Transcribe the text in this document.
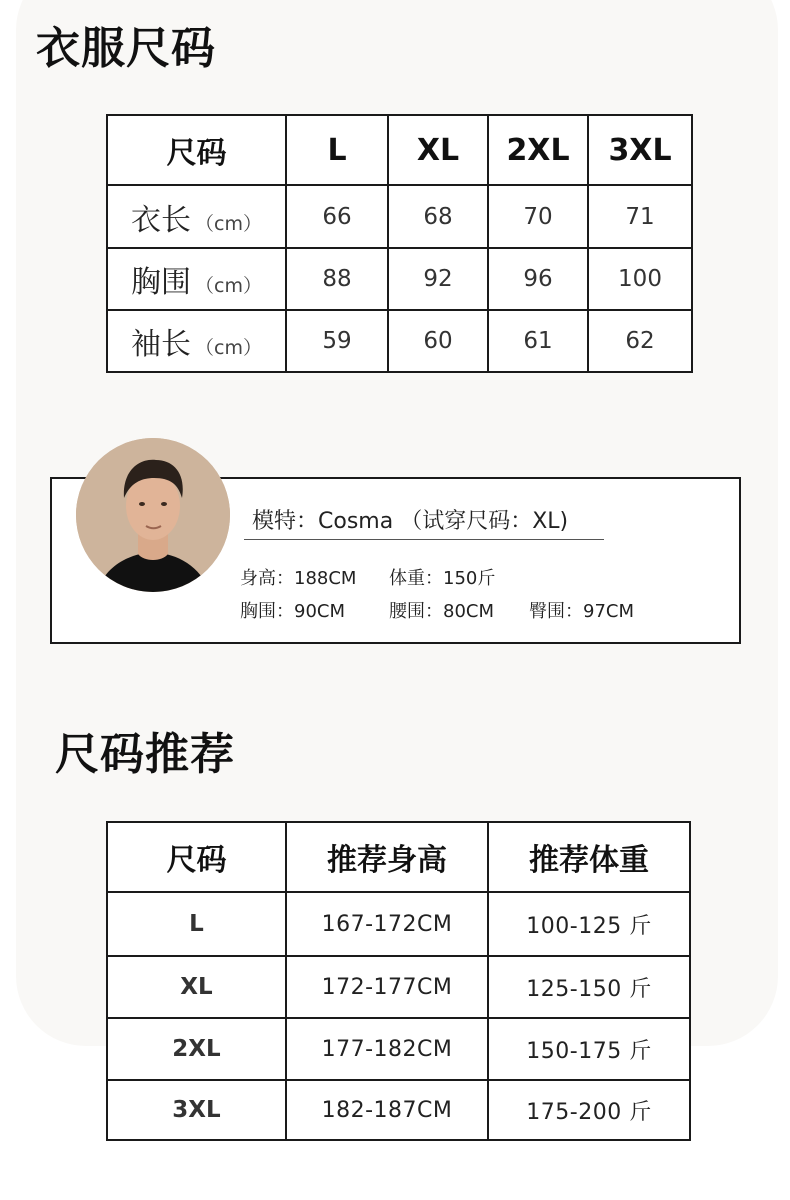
衣服尺码
尺码	L	XL	2XL	3XL
衣长 （cm）	66	68	70	71
胸围 （cm）	88	92	96	100
袖长 （cm）	59	60	61	62
模特：Cosma （试穿尺码：XL)
身高：188CM 体重：150斤
胸围：90CM 腰围：80CM 臀围：97CM
尺码推荐
尺码	推荐身高	推荐体重
L	167-172CM	100-125 斤
XL	172-177CM	125-150 斤
2XL	177-182CM	150-175 斤
3XL	182-187CM	175-200 斤
